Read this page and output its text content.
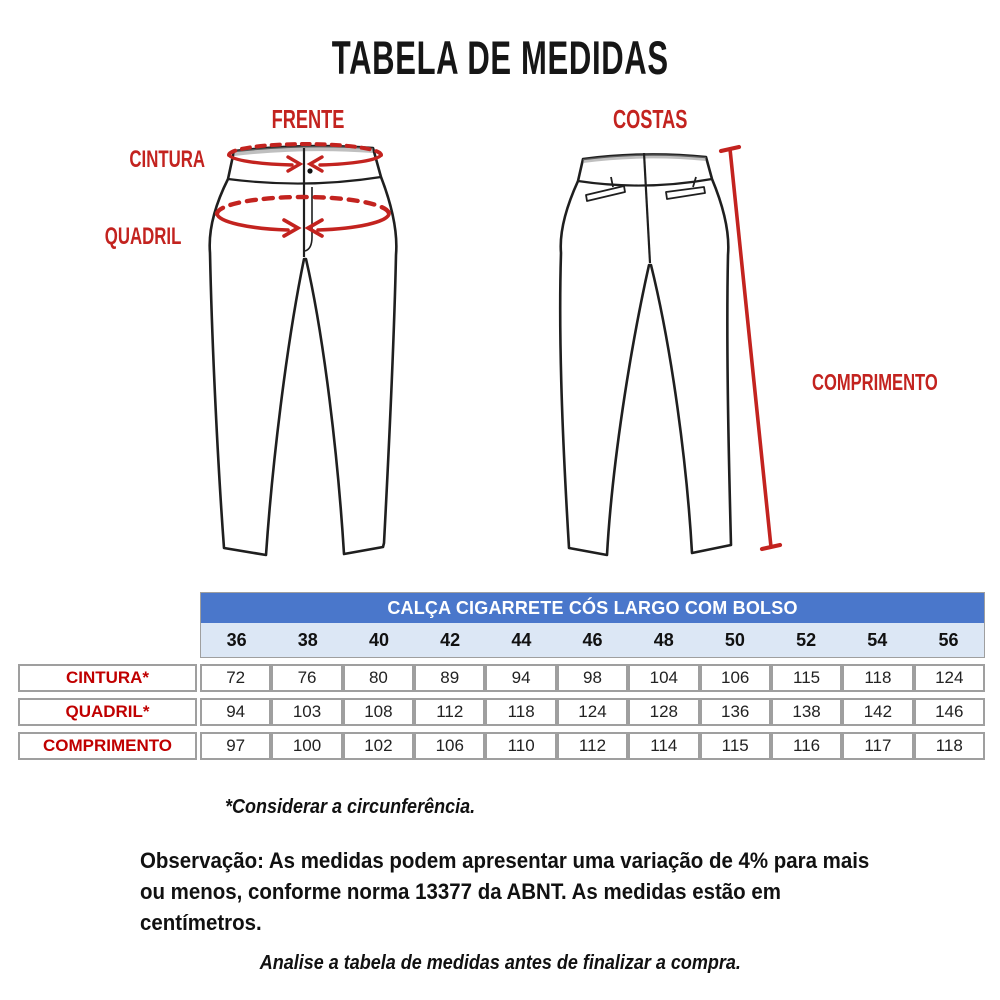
TABELA DE MEDIDAS
FRENTE	COSTAS
CINTURA
QUADRIL
COMPRIMENTO
CALÇA CIGARRETE CÓS LARGO COM BOLSO
36	38	40	42	44	46	48	50	52	54	56
CINTURA*	72	76	80	89	94	98	104	106	115	118	124
QUADRIL*	94	103	108	112	118	124	128	136	138	142	146
COMPRIMENTO	97	100	102	106	110	112	114	115	116	117	118
*Considerar a circunferência.
Observação: As medidas podem apresentar uma variação de 4% para mais
ou menos, conforme norma 13377 da ABNT. As medidas estão em
centímetros.
Analise a tabela de medidas antes de finalizar a compra.
